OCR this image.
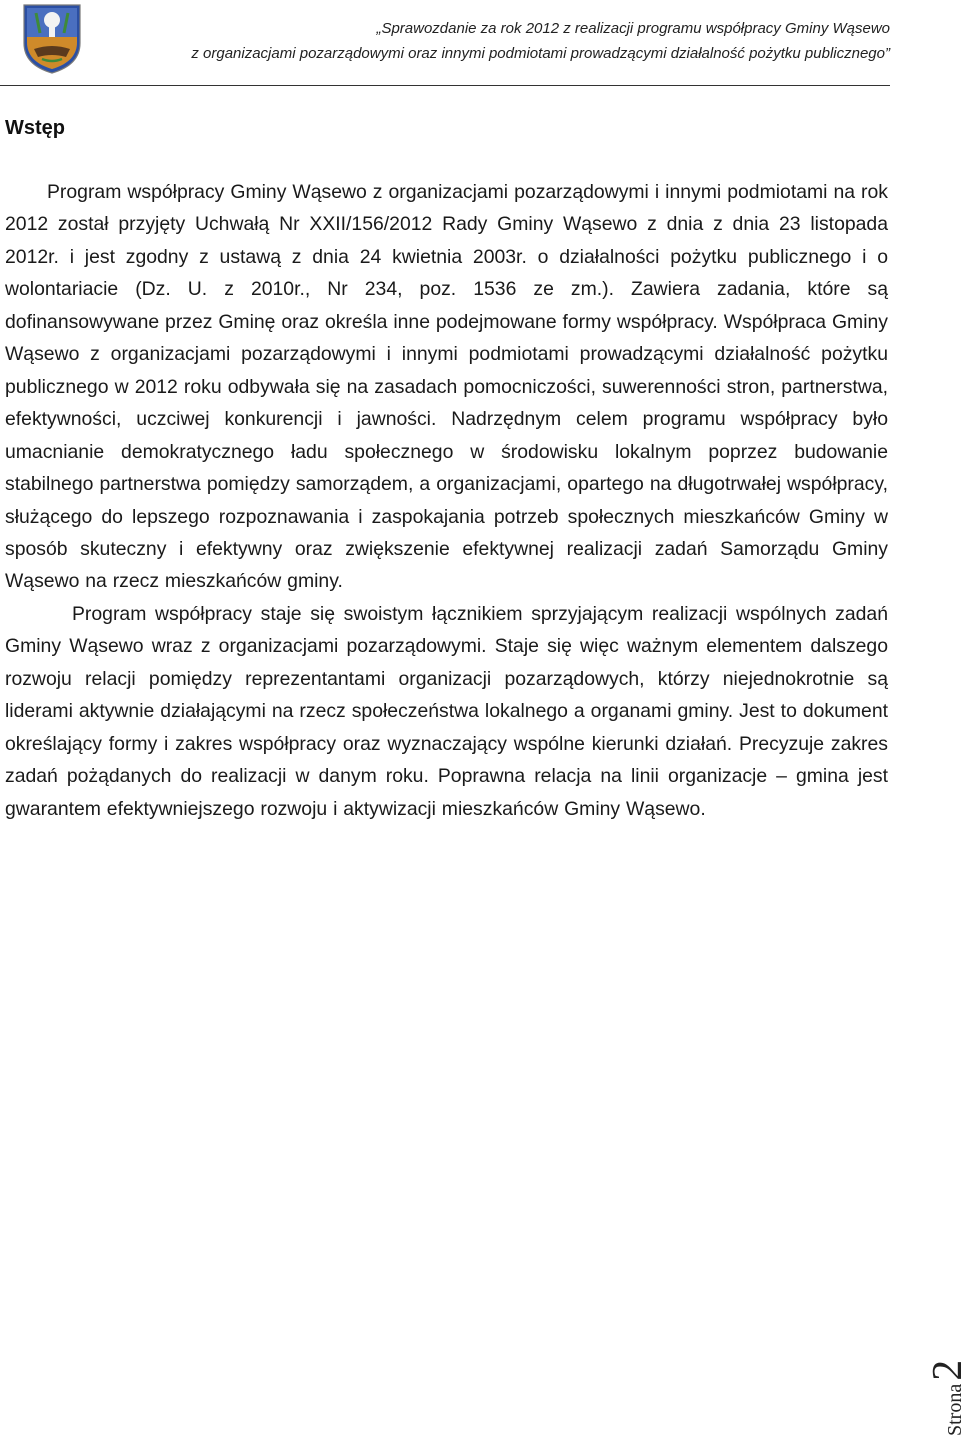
„Sprawozdanie za rok 2012 z realizacji programu współpracy Gminy Wąsewo
z organizacjami pozarządowymi oraz innymi podmiotami prowadzącymi działalność pożytku publicznego”
Wstęp

Program współpracy Gminy Wąsewo z organizacjami pozarządowymi i innymi podmiotami na rok 2012 został przyjęty Uchwałą Nr XXII/156/2012 Rady Gminy Wąsewo z dnia z dnia 23 listopada 2012r. i jest zgodny z ustawą z dnia 24 kwietnia 2003r. o działalności pożytku publicznego i o wolontariacie (Dz. U. z 2010r., Nr 234, poz. 1536 ze zm.). Zawiera zadania, które są dofinansowywane przez Gminę oraz określa inne podejmowane formy współpracy. Współpraca Gminy Wąsewo z organizacjami pozarządowymi i innymi podmiotami prowadzącymi działalność pożytku publicznego w 2012 roku odbywała się na zasadach pomocniczości, suwerenności stron, partnerstwa, efektywności, uczciwej konkurencji i jawności. Nadrzędnym celem programu współpracy było umacnianie demokratycznego ładu społecznego w środowisku lokalnym poprzez budowanie stabilnego partnerstwa pomiędzy samorządem, a organizacjami, opartego na długotrwałej współpracy, służącego do lepszego rozpoznawania i zaspokajania potrzeb społecznych mieszkańców Gminy w sposób skuteczny i efektywny oraz zwiększenie efektywnej realizacji zadań Samorządu Gminy Wąsewo na rzecz mieszkańców gminy.

Program współpracy staje się swoistym łącznikiem sprzyjającym realizacji wspólnych zadań Gminy Wąsewo wraz z organizacjami pozarządowymi. Staje się więc ważnym elementem dalszego rozwoju relacji pomiędzy reprezentantami organizacji pozarządowych, którzy niejednokrotnie są liderami aktywnie działającymi na rzecz społeczeństwa lokalnego a organami gminy. Jest to dokument określający formy i zakres współpracy oraz wyznaczający wspólne kierunki działań. Precyzuje zakres zadań pożądanych do realizacji w danym roku. Poprawna relacja na linii organizacje – gmina jest gwarantem efektywniejszego rozwoju i aktywizacji mieszkańców Gminy Wąsewo.

Strona
2
